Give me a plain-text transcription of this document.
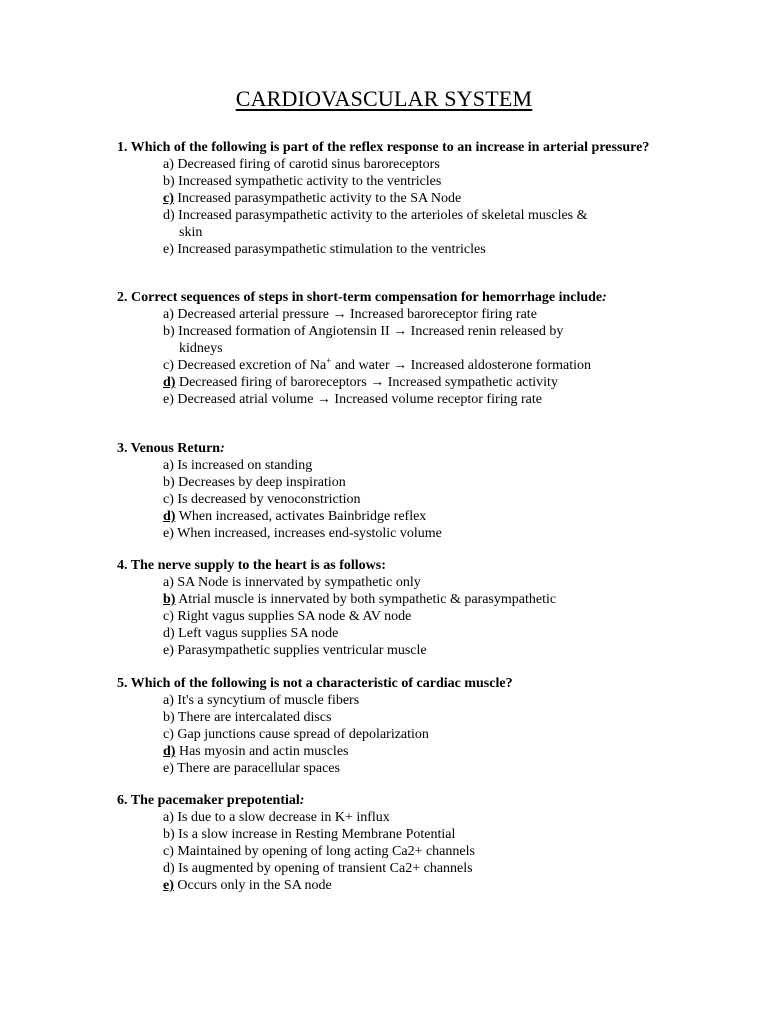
CARDIOVASCULAR SYSTEM

1. Which of the following is part of the reflex response to an increase in arterial pressure?

a) Decreased firing of carotid sinus baroreceptors
b) Increased sympathetic activity to the ventricles
c) Increased parasympathetic activity to the SA Node
d) Increased parasympathetic activity to the arterioles of skeletal muscles &
skin
e) Increased parasympathetic stimulation to the ventricles

2. Correct sequences of steps in short-term compensation for hemorrhage include:

a) Decreased arterial pressure → Increased baroreceptor firing rate
b) Increased formation of Angiotensin II → Increased renin released by
kidneys
c) Decreased excretion of Na+ and water → Increased aldosterone formation
d) Decreased firing of baroreceptors → Increased sympathetic activity
e) Decreased atrial volume → Increased volume receptor firing rate

3. Venous Return:

a) Is increased on standing
b) Decreases by deep inspiration
c) Is decreased by venoconstriction
d) When increased, activates Bainbridge reflex
e) When increased, increases end-systolic volume

4. The nerve supply to the heart is as follows:

a) SA Node is innervated by sympathetic only
b) Atrial muscle is innervated by both sympathetic & parasympathetic
c) Right vagus supplies SA node & AV node
d) Left vagus supplies SA node
e) Parasympathetic supplies ventricular muscle

5. Which of the following is not a characteristic of cardiac muscle?

a) It's a syncytium of muscle fibers
b) There are intercalated discs
c) Gap junctions cause spread of depolarization
d) Has myosin and actin muscles
e) There are paracellular spaces

6. The pacemaker prepotential:

a) Is due to a slow decrease in K+ influx
b) Is a slow increase in Resting Membrane Potential
c) Maintained by opening of long acting Ca2+ channels
d) Is augmented by opening of transient Ca2+ channels
e) Occurs only in the SA node
